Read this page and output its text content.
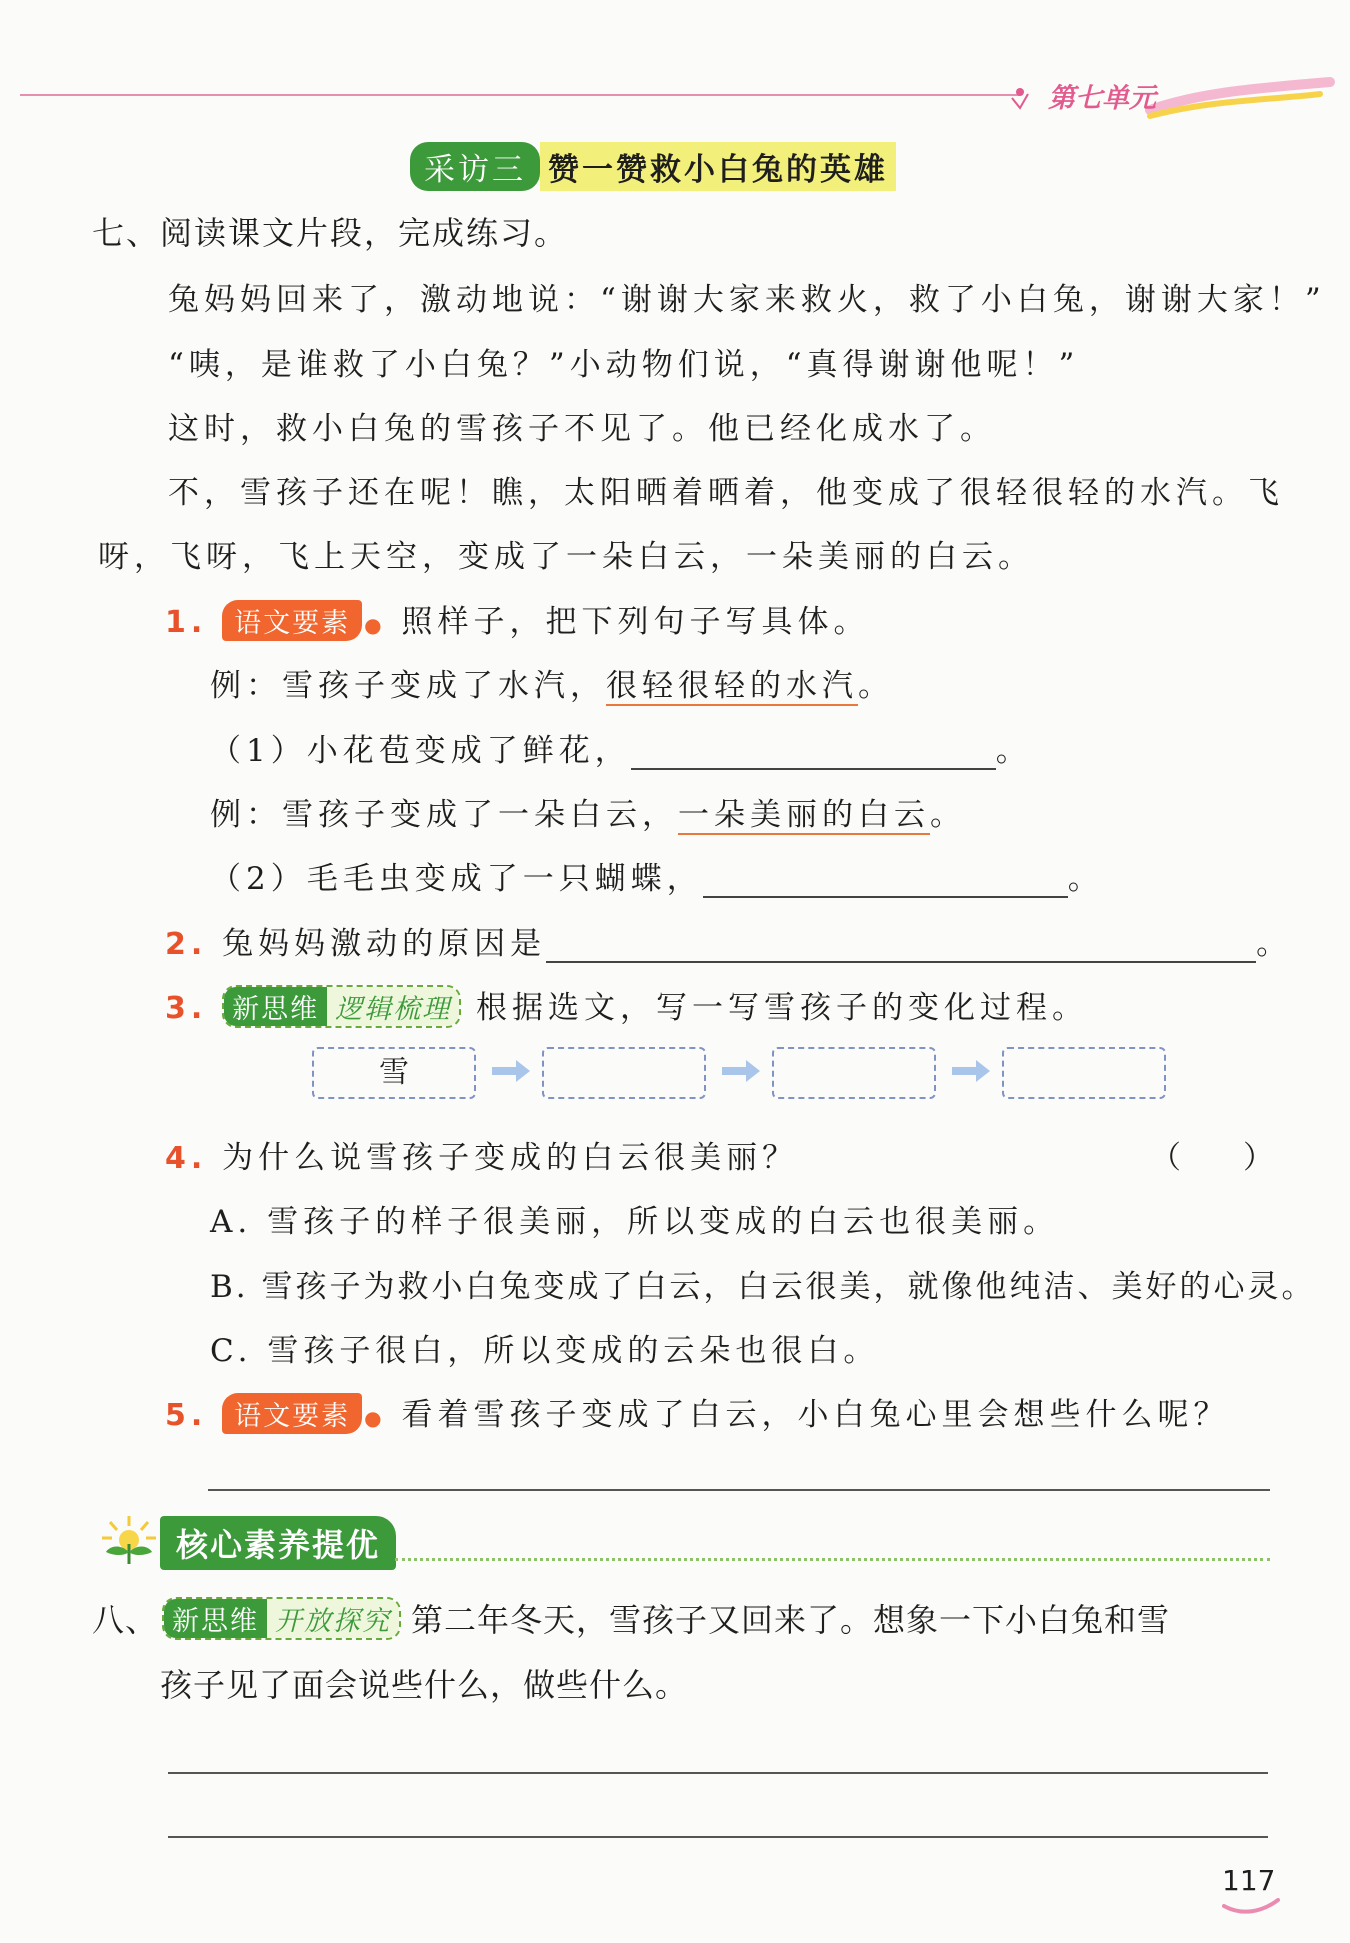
第七单元
采访三 赞一赞救小白兔的英雄
七、阅读课文片段，完成练习。
兔妈妈回来了，激动地说：“谢谢大家来救火，救了小白兔，谢谢大家！”
“咦，是谁救了小白兔？”小动物们说，“真得谢谢他呢！”
这时，救小白兔的雪孩子不见了。他已经化成水了。
不，雪孩子还在呢！瞧，太阳晒着晒着，他变成了很轻很轻的水汽。飞
呀，飞呀，飞上天空，变成了一朵白云，一朵美丽的白云。
1. 语文要素 ● 照样子，把下列句子写具体。
例：雪孩子变成了水汽，很轻很轻的水汽。
（1）小花苞变成了鲜花，	。
例：雪孩子变成了一朵白云，一朵美丽的白云。
（2）毛毛虫变成了一只蝴蝶，	。
2. 兔妈妈激动的原因是	。
3. 新思维 逻辑梳理 根据选文，写一写雪孩子的变化过程。
雪
4. 为什么说雪孩子变成的白云很美丽？	（　　）
A. 雪孩子的样子很美丽，所以变成的白云也很美丽。
B. 雪孩子为救小白兔变成了白云，白云很美，就像他纯洁、美好的心灵。
C. 雪孩子很白，所以变成的云朵也很白。
5. 语文要素 ● 看着雪孩子变成了白云，小白兔心里会想些什么呢？
核心素养提优
八、 新思维 开放探究 第二年冬天，雪孩子又回来了。想象一下小白兔和雪
孩子见了面会说些什么，做些什么。
117
